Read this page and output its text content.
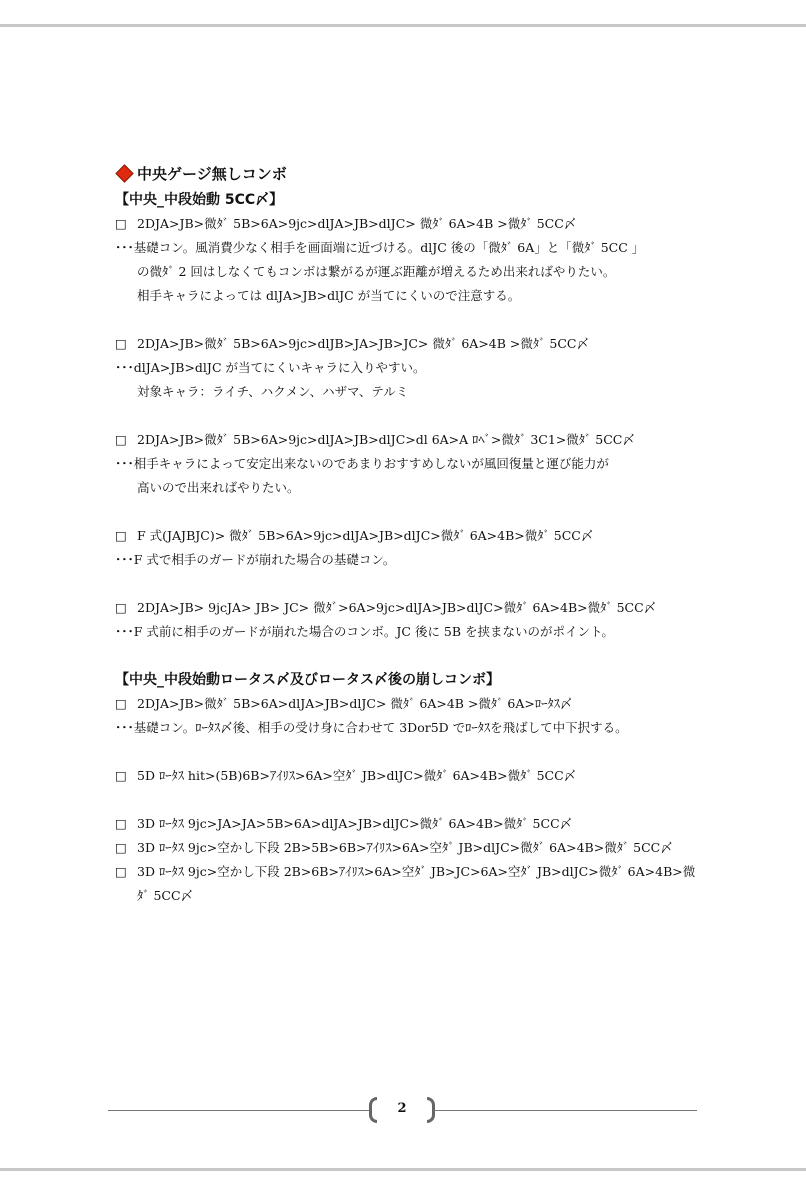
中央ゲージ無しコンボ
【中央_中段始動 5CC〆】
□ 2DJA>JB>微ﾀﾞ 5B>6A>9jc>dlJA>JB>dlJC> 微ﾀﾞ 6A>4B >微ﾀﾞ 5CC〆
･･･基礎コン。風消費少なく相手を画面端に近づける。dlJC 後の「微ﾀﾞ 6A」と「微ﾀﾞ 5CC 」
の微ﾀﾞ 2 回はしなくてもコンボは繋がるが運ぶ距離が増えるため出来ればやりたい。
相手キャラによっては dlJA>JB>dlJC が当てにくいので注意する。
□ 2DJA>JB>微ﾀﾞ 5B>6A>9jc>dlJB>JA>JB>JC> 微ﾀﾞ 6A>4B >微ﾀﾞ 5CC〆
･･･dlJA>JB>dlJC が当てにくいキャラに入りやすい。
対象キャラ：ライチ、ハクメン、ハザマ、テルミ
□ 2DJA>JB>微ﾀﾞ 5B>6A>9jc>dlJA>JB>dlJC>dl 6A>A ﾛﾍﾞ>微ﾀﾞ 3C1>微ﾀﾞ 5CC〆
･･･相手キャラによって安定出来ないのであまりおすすめしないが風回復量と運び能力が
高いので出来ればやりたい。
□ F 式(JAJBJC)> 微ﾀﾞ 5B>6A>9jc>dlJA>JB>dlJC>微ﾀﾞ 6A>4B>微ﾀﾞ 5CC〆
･･･F 式で相手のガードが崩れた場合の基礎コン。
□ 2DJA>JB> 9jcJA> JB> JC> 微ﾀﾞ>6A>9jc>dlJA>JB>dlJC>微ﾀﾞ 6A>4B>微ﾀﾞ 5CC〆
･･･F 式前に相手のガードが崩れた場合のコンボ。JC 後に 5B を挟まないのがポイント。
【中央_中段始動ロータス〆及びロータス〆後の崩しコンボ】
□ 2DJA>JB>微ﾀﾞ 5B>6A>dlJA>JB>dlJC> 微ﾀﾞ 6A>4B >微ﾀﾞ 6A>ﾛｰﾀｽ〆
･･･基礎コン。ﾛｰﾀｽ〆後、相手の受け身に合わせて 3Dor5D でﾛｰﾀｽを飛ばして中下択する。
□ 5D ﾛｰﾀｽ hit>(5B)6B>ｱｲﾘｽ>6A>空ﾀﾞ JB>dlJC>微ﾀﾞ 6A>4B>微ﾀﾞ 5CC〆
□ 3D ﾛｰﾀｽ 9jc>JA>JA>5B>6A>dlJA>JB>dlJC>微ﾀﾞ 6A>4B>微ﾀﾞ 5CC〆
□ 3D ﾛｰﾀｽ 9jc>空かし下段 2B>5B>6B>ｱｲﾘｽ>6A>空ﾀﾞ JB>dlJC>微ﾀﾞ 6A>4B>微ﾀﾞ 5CC〆
□ 3D ﾛｰﾀｽ 9jc>空かし下段 2B>6B>ｱｲﾘｽ>6A>空ﾀﾞ JB>JC>6A>空ﾀﾞ JB>dlJC>微ﾀﾞ 6A>4B>微ﾀﾞ 5CC〆
2
